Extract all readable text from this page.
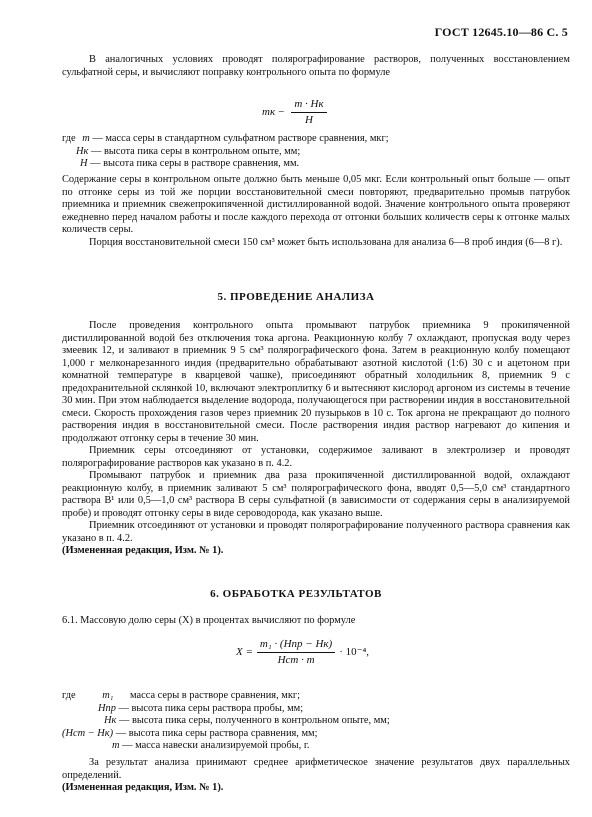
ГОСТ 12645.10—86 С. 5

В аналогичных условиях проводят полярографирование растворов, полученных восстановлением сульфатной серы, и вычисляют поправку контрольного опыта по формуле

mк − $\frac{m \cdot Hк}{H}$
где m — масса серы в стандартном сульфатном растворе сравнения, мкг;
Hк — высота пика серы в контрольном опыте, мм;
H — высота пика серы в растворе сравнения, мм.

Содержание серы в контрольном опыте должно быть меньше 0,05 мкг. Если контрольный опыт больше — опыт по отгонке серы из той же порции восстановительной смеси повторяют, предварительно промыв патрубок приемника и приемник свежепрокипяченной дистиллированной водой. Значение контрольного опыта проверяют ежедневно перед началом работы и после каждого перехода от отгонки больших количеств серы к отгонке малых количеств серы.

Порция восстановительной смеси 150 см³ может быть использована для анализа 6—8 проб индия (6—8 г).

5. ПРОВЕДЕНИЕ АНАЛИЗА

После проведения контрольного опыта промывают патрубок приемника 9 прокипяченной дистиллированной водой без отключения тока аргона. Реакционную колбу 7 охлаждают, пропуская воду через змеевик 12, и заливают в приемник 9 5 см³ полярографического фона. Затем в реакционную колбу помещают 1,000 г мелконарезанного индия (предварительно обрабатывают азотной кислотой (1:6) 30 с и ацетоном при комнатной температуре в кварцевой чашке), присоединяют обратный холодильник 8, приемник 9 с предохранительной склянкой 10, включают электроплитку 6 и вытесняют кислород аргоном из системы в течение 30 мин. При этом наблюдается выделение водорода, получающегося при растворении индия в восстановительной смеси. Скорость прохождения газов через приемник 20 пузырьков в 10 с. Ток аргона не прекращают до полного растворения индия в восстановительной смеси. После растворения индия раствор нагревают до кипения и продолжают отгонку серы в течение 30 мин.

Приемник серы отсоединяют от установки, содержимое заливают в электролизер и проводят полярографирование растворов как указано в п. 4.2.

Промывают патрубок и приемник два раза прокипяченной дистиллированной водой, охлаждают реакционную колбу, в приемник заливают 5 см³ полярографического фона, вводят 0,5—5,0 см³ стандартного раствора B¹ или 0,5—1,0 см³ раствора B серы сульфатной (в зависимости от содержания серы в анализируемой пробе) и проводят отгонку серы в виде сероводорода, как указано выше.

Приемник отсоединяют от установки и проводят полярографирование полученного раствора сравнения как указано в п. 4.2.

(Измененная редакция, Изм. № 1).

6. ОБРАБОТКА РЕЗУЛЬТАТОВ

6.1. Массовую долю серы (X) в процентах вычисляют по формуле

$X = \frac{\text{m₁ · (Hпр − Hк)}}{\text{Hст · m}} \cdot 10^{-4}$,
где	m₁ масса серы в растворе сравнения, мкг;
Hпр — высота пика серы раствора пробы, мм;
Hк — высота пика серы, полученного в контрольном опыте, мм;
(Hст − Hк) — высота пика серы раствора сравнения, мм;
m — масса навески анализируемой пробы, г.

За результат анализа принимают среднее арифметическое значение результатов двух параллельных определений.

(Измененная редакция, Изм. № 1).
